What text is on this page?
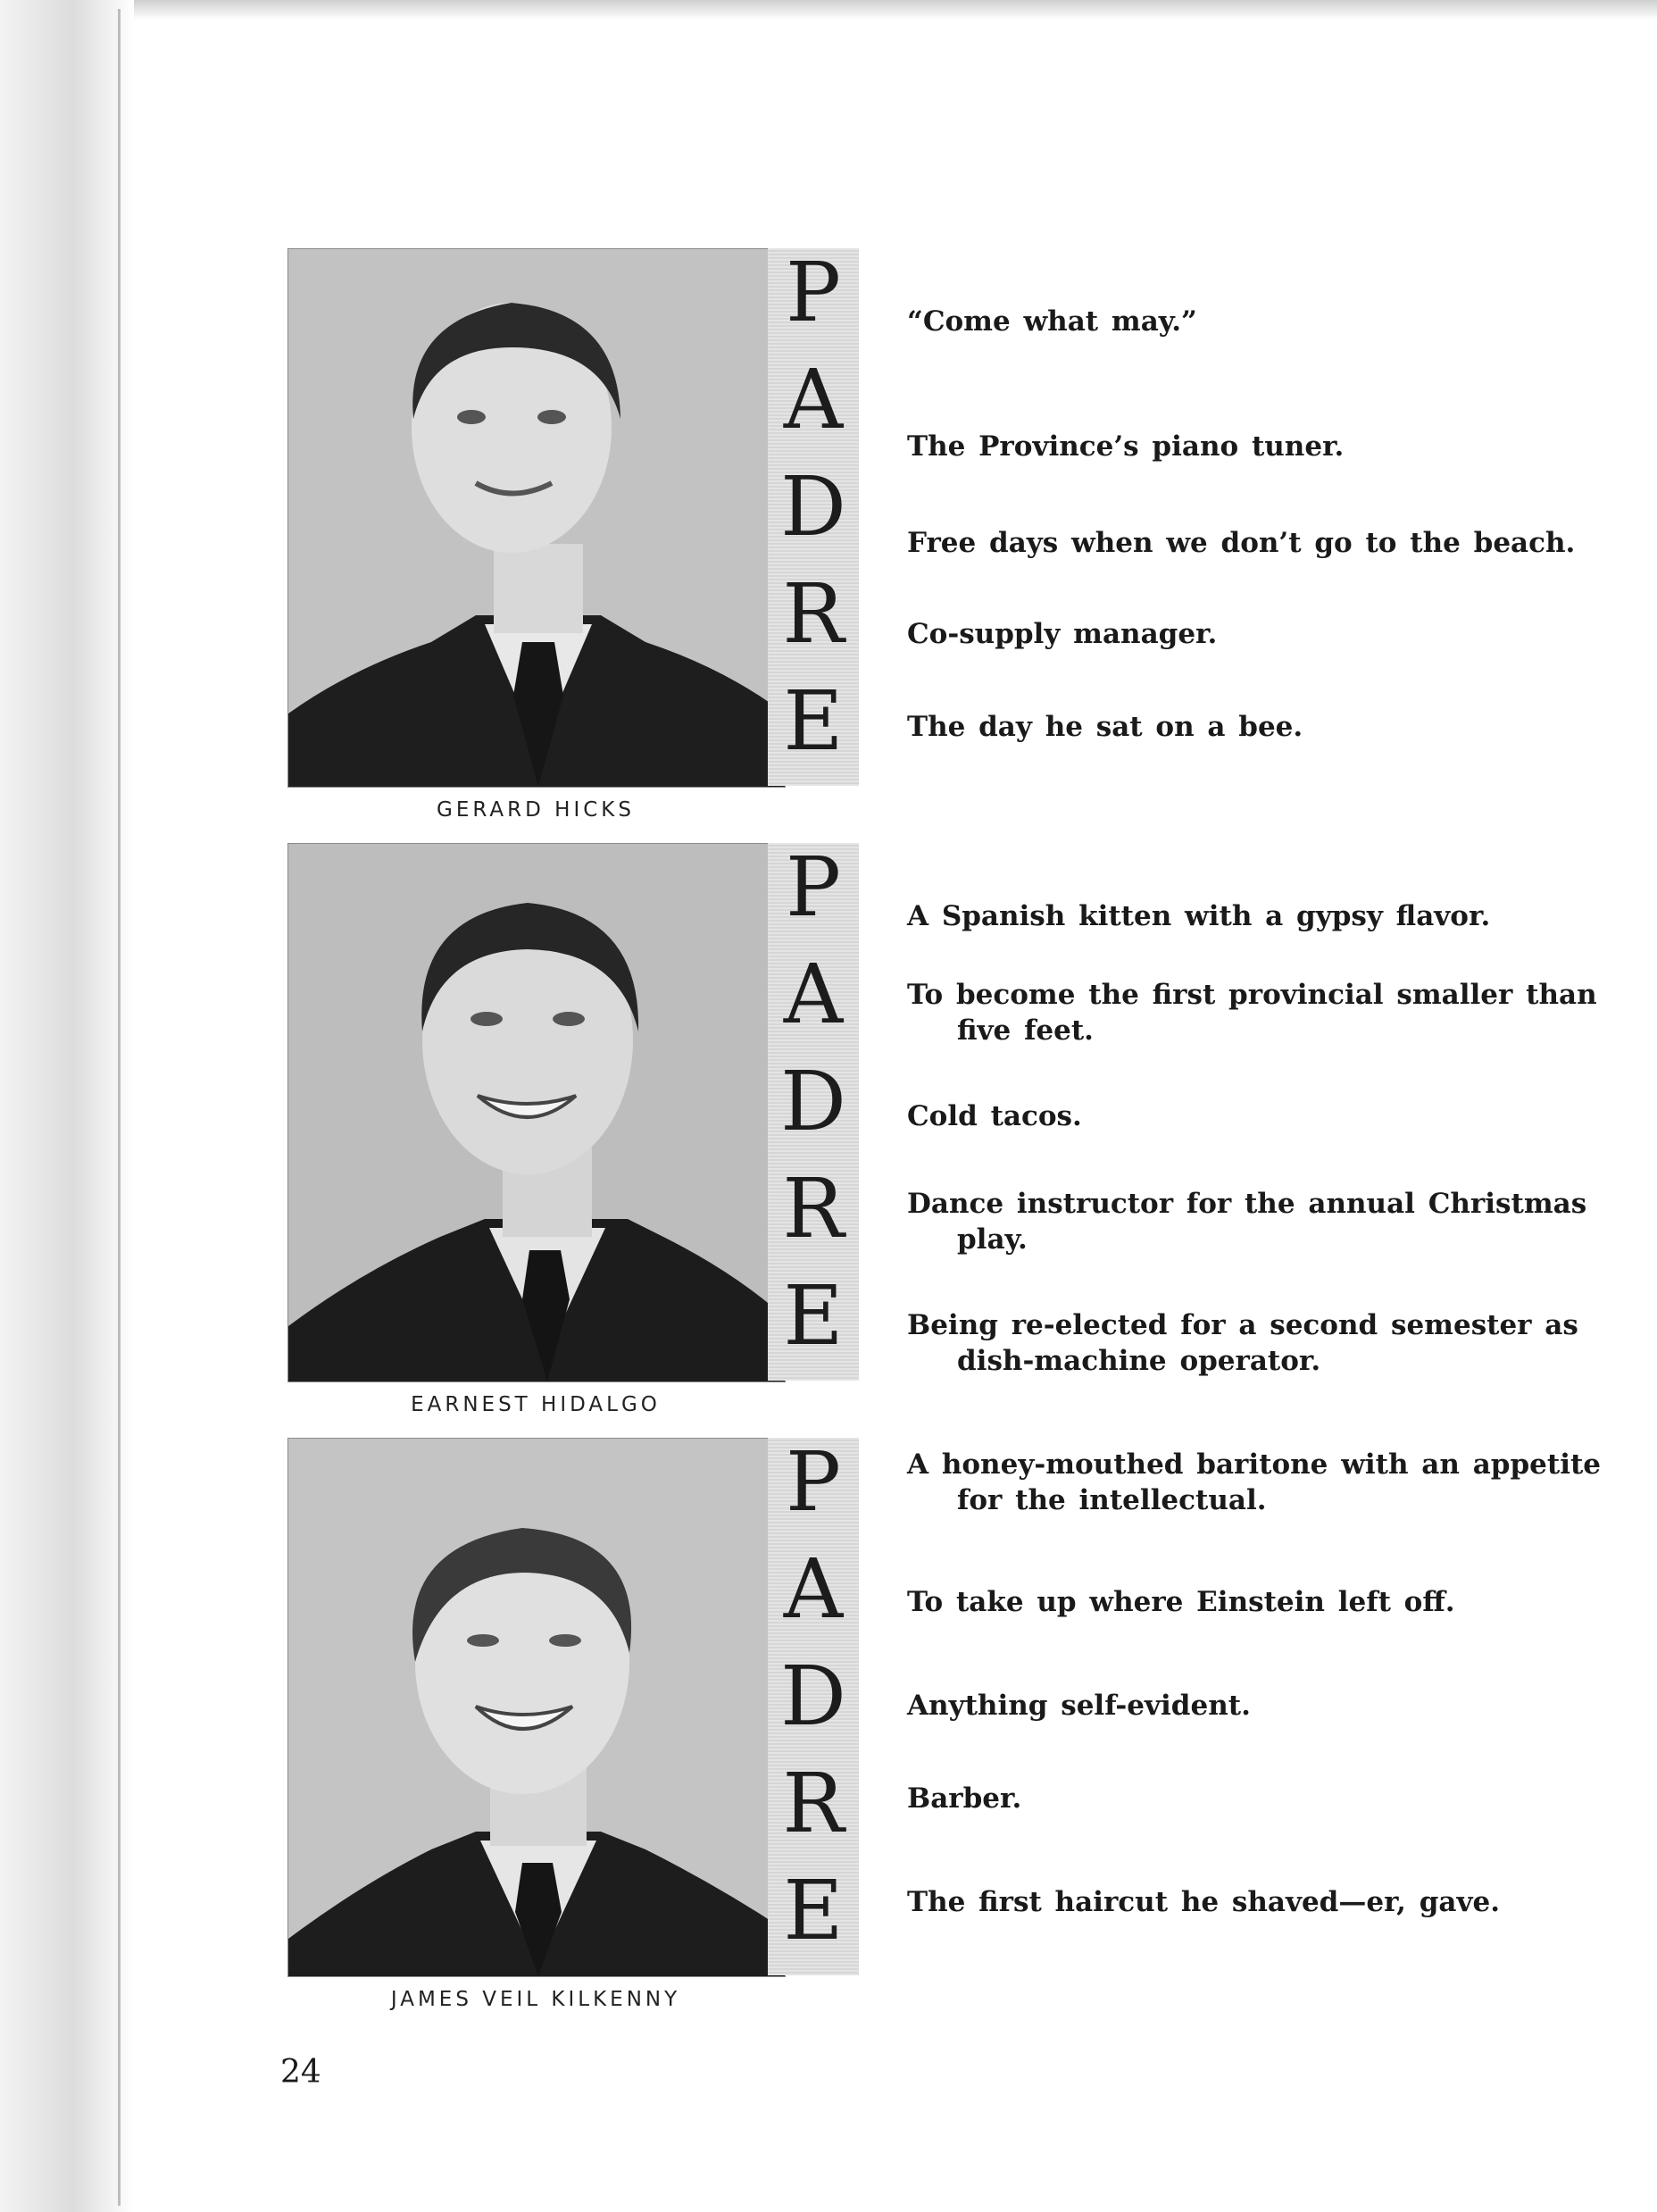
P
A
D
R
E
GERARD HICKS
“Come what may.”
The Province’s piano tuner.
Free days when we don’t go to the beach.
Co-supply manager.
The day he sat on a bee.
P
A
D
R
E
EARNEST HIDALGO
A Spanish kitten with a gypsy flavor.
To become the first provincial smaller than five feet.
Cold tacos.
Dance instructor for the annual Christmas play.
Being re-elected for a second semester as dish-machine operator.
P
A
D
R
E
JAMES VEIL KILKENNY
A honey-mouthed baritone with an appetite for the intellectual.
To take up where Einstein left off.
Anything self-evident.
Barber.
The first haircut he shaved—er, gave.
24
